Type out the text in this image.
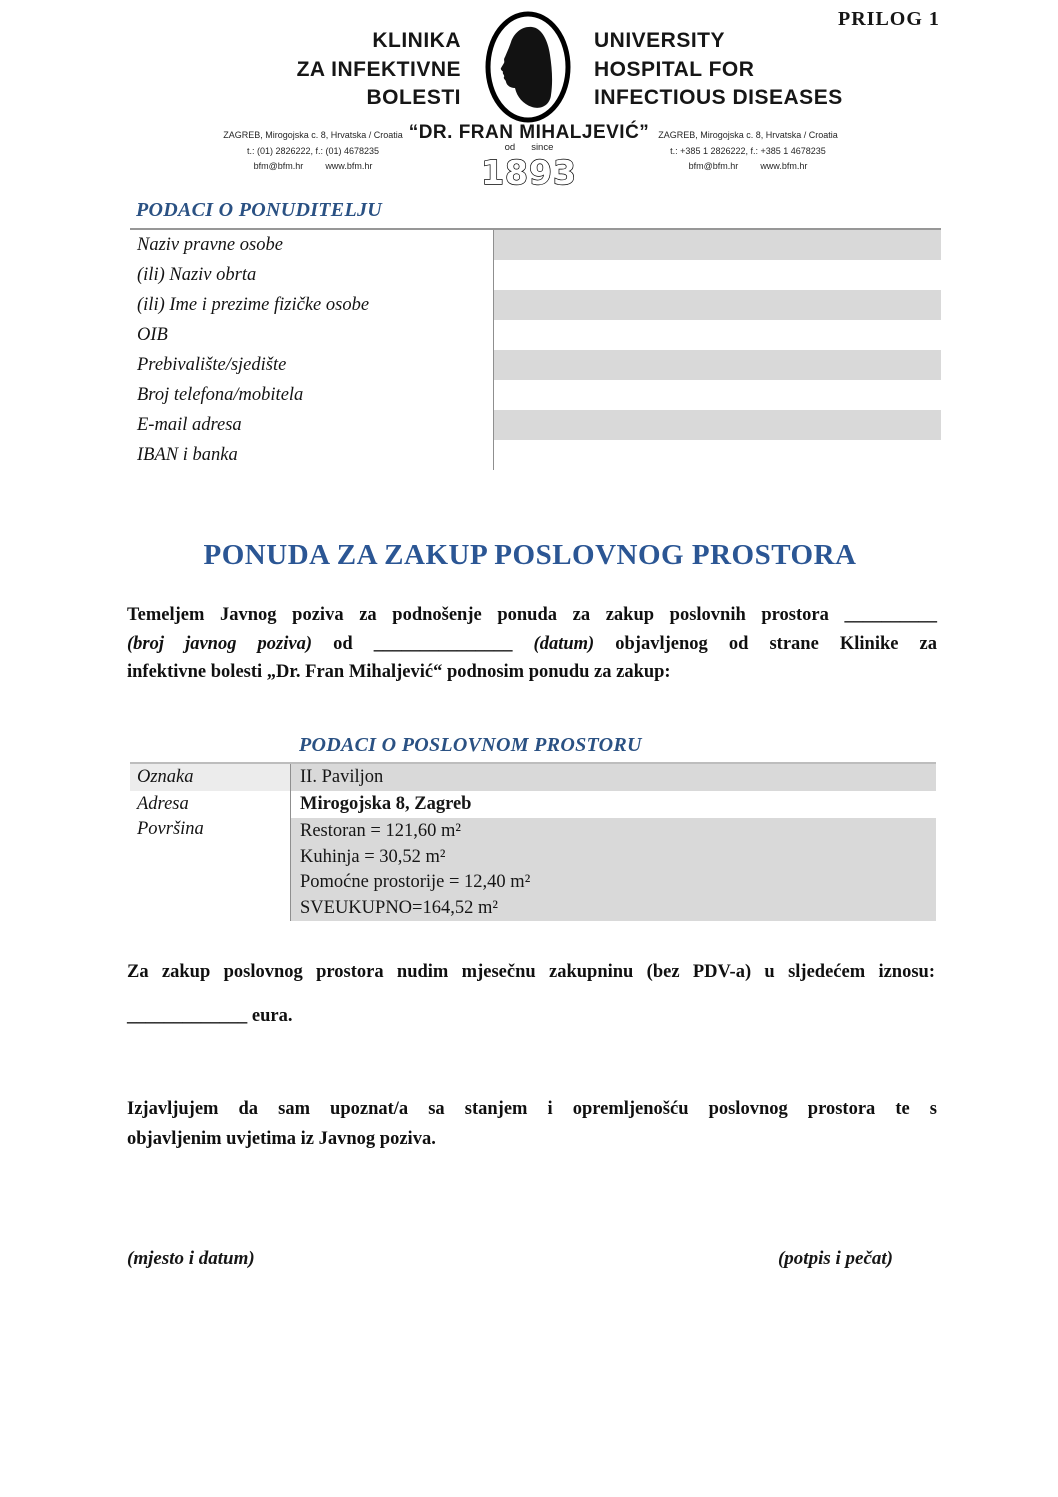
PRILOG 1
KLINIKA
ZA INFEKTIVNE
BOLESTI
UNIVERSITY
HOSPITAL FOR
INFECTIOUS DISEASES
“DR. FRAN MIHALJEVIĆ”
ZAGREB, Mirogojska c. 8, Hrvatska / Croatia
t.: (01) 2826222, f.: (01) 4678235
bfm@bfm.hr www.bfm.hr
od since
1893
ZAGREB, Mirogojska c. 8, Hrvatska / Croatia
t.: +385 1 2826222, f.: +385 1 4678235
bfm@bfm.hr www.bfm.hr
PODACI O PONUDITELJU
Naziv pravne osobe
(ili) Naziv obrta
(ili) Ime i prezime fizičke osobe
OIB
Prebivalište/sjedište
Broj telefona/mobitela
E-mail adresa
IBAN i banka
PONUDA ZA ZAKUP POSLOVNOG PROSTORA
Temeljem Javnog poziva za podnošenje ponuda za zakup poslovnih prostora __________
(broj javnog poziva) od _______________ (datum) objavljenog od strane Klinike za
infektivne bolesti „Dr. Fran Mihaljević“ podnosim ponudu za zakup:
PODACI O POSLOVNOM PROSTORU
Oznaka	II. Paviljon
Adresa	Mirogojska 8, Zagreb
Površina	Restoran = 121,60 m²
Kuhinja = 30,52 m²
Pomoćne prostorije = 12,40 m²
SVEUKUPNO=164,52 m²
Za zakup poslovnog prostora nudim mjesečnu zakupninu (bez PDV-a) u sljedećem iznosu:
_____________ eura.
Izjavljujem da sam upoznat/a sa stanjem i opremljenošću poslovnog prostora te s
objavljenim uvjetima iz Javnog poziva.
(mjesto i datum)	(potpis i pečat)
